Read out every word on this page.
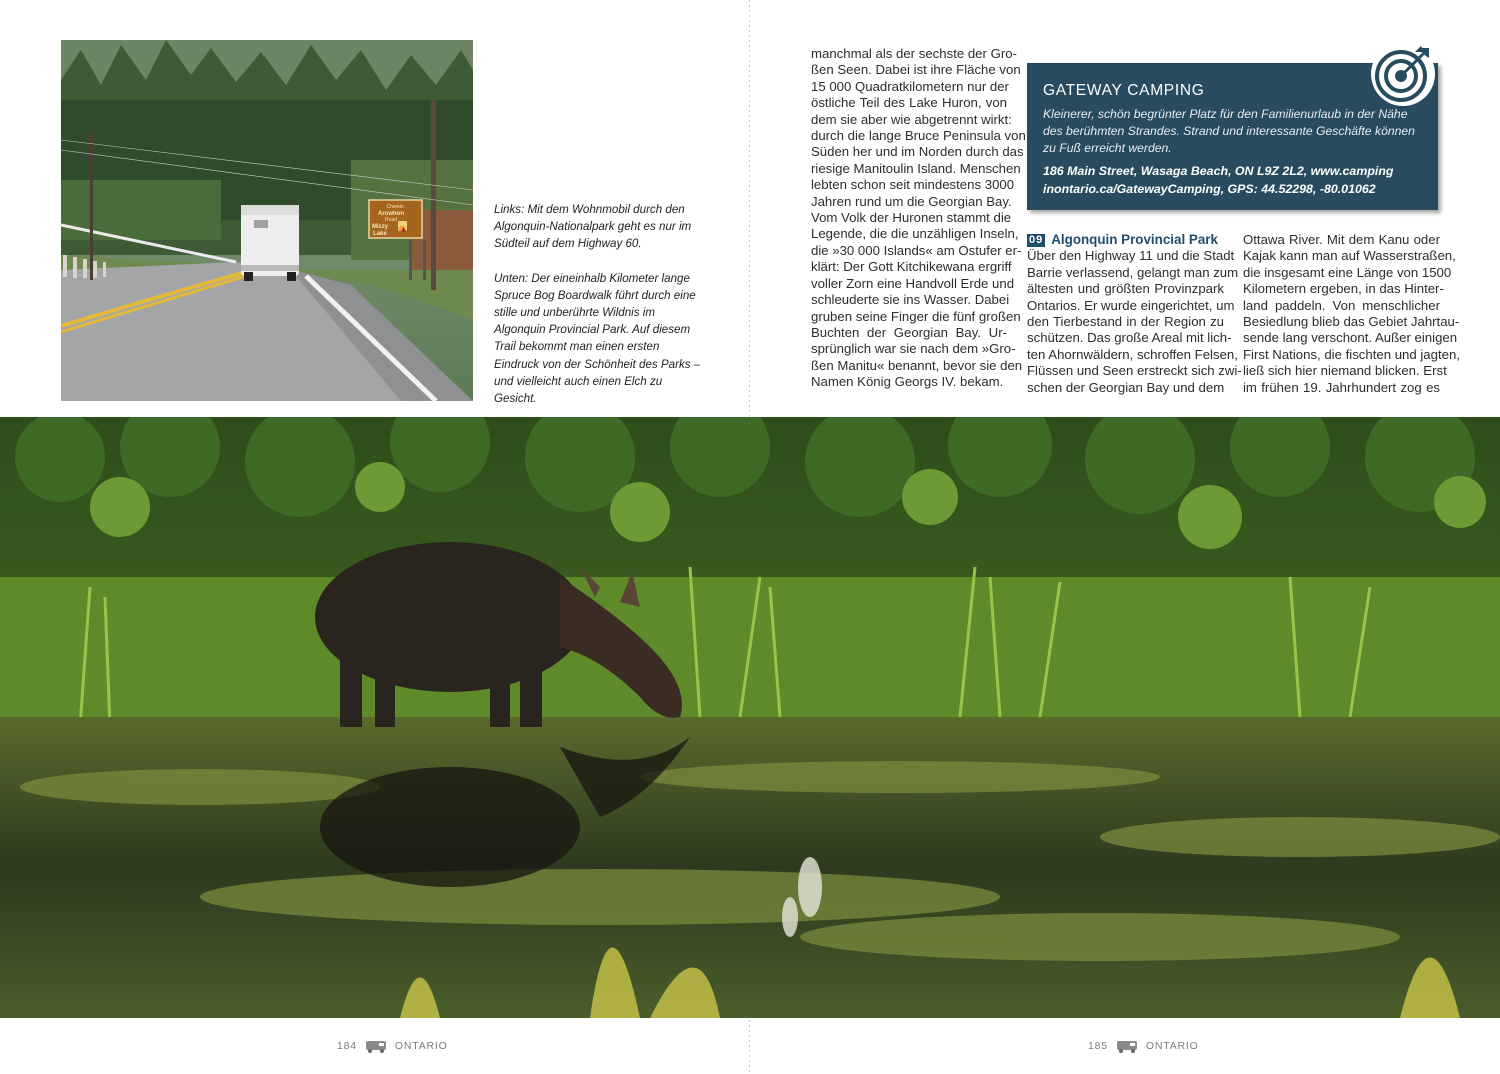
Chemin
Arowhon
Road
Mizzy
Lake
⛺

Links: Mit dem Wohnmobil durch den Algonquin-Nationalpark geht es nur im Südteil auf dem Highway 60.

Unten: Der eineinhalb Kilometer lange Spruce Bog Boardwalk führt durch eine stille und unberührte Wildnis im Algonquin Provincial Park. Auf diesem Trail bekommt man einen ersten Eindruck von der Schönheit des Parks – und vielleicht auch einen Elch zu Gesicht.

manchmal als der sechste der Gro-
ßen Seen. Dabei ist ihre Fläche von
15 000 Quadratkilometern nur der
östliche Teil des Lake Huron, von
dem sie aber wie abgetrennt wirkt:
durch die lange Bruce Peninsula von
Süden her und im Norden durch das
riesige Manitoulin Island. Menschen
lebten schon seit mindestens 3000
Jahren rund um die Georgian Bay.
Vom Volk der Huronen stammt die
Legende, die die unzähligen Inseln,
die »30 000 Islands« am Ostufer er-
klärt: Der Gott Kitchikewana ergriff
voller Zorn eine Handvoll Erde und
schleuderte sie ins Wasser. Dabei
gruben seine Finger die fünf großen
Buchten der Georgian Bay. Ur-
sprünglich war sie nach dem »Gro-
ßen Manitu« benannt, bevor sie den
Namen König Georgs IV. bekam.
GATEWAY CAMPING
Kleinerer, schön begrünter Platz für den Familienurlaub in der Nähe des berühmten Strandes. Strand und interessante Geschäfte können zu Fuß erreicht werden.
186 Main Street, Wasaga Beach, ON L9Z 2L2, www.camping
inontario.ca/GatewayCamping, GPS: 44.52298, -80.01062
09 Algonquin Provincial Park
Über den Highway 11 und die Stadt
Barrie verlassend, gelangt man zum
ältesten und größten Provinzpark
Ontarios. Er wurde eingerichtet, um
den Tierbestand in der Region zu
schützen. Das große Areal mit lich-
ten Ahornwäldern, schroffen Felsen,
Flüssen und Seen erstreckt sich zwi-
schen der Georgian Bay und dem
Ottawa River. Mit dem Kanu oder
Kajak kann man auf Wasserstraßen,
die insgesamt eine Länge von 1500
Kilometern ergeben, in das Hinter-
land paddeln. Von menschlicher
Besiedlung blieb das Gebiet Jahrtau-
sende lang verschont. Außer einigen
First Nations, die fischten und jagten,
ließ sich hier niemand blicken. Erst
im frühen 19. Jahrhundert zog es
184	ONTARIO	185	ONTARIO
